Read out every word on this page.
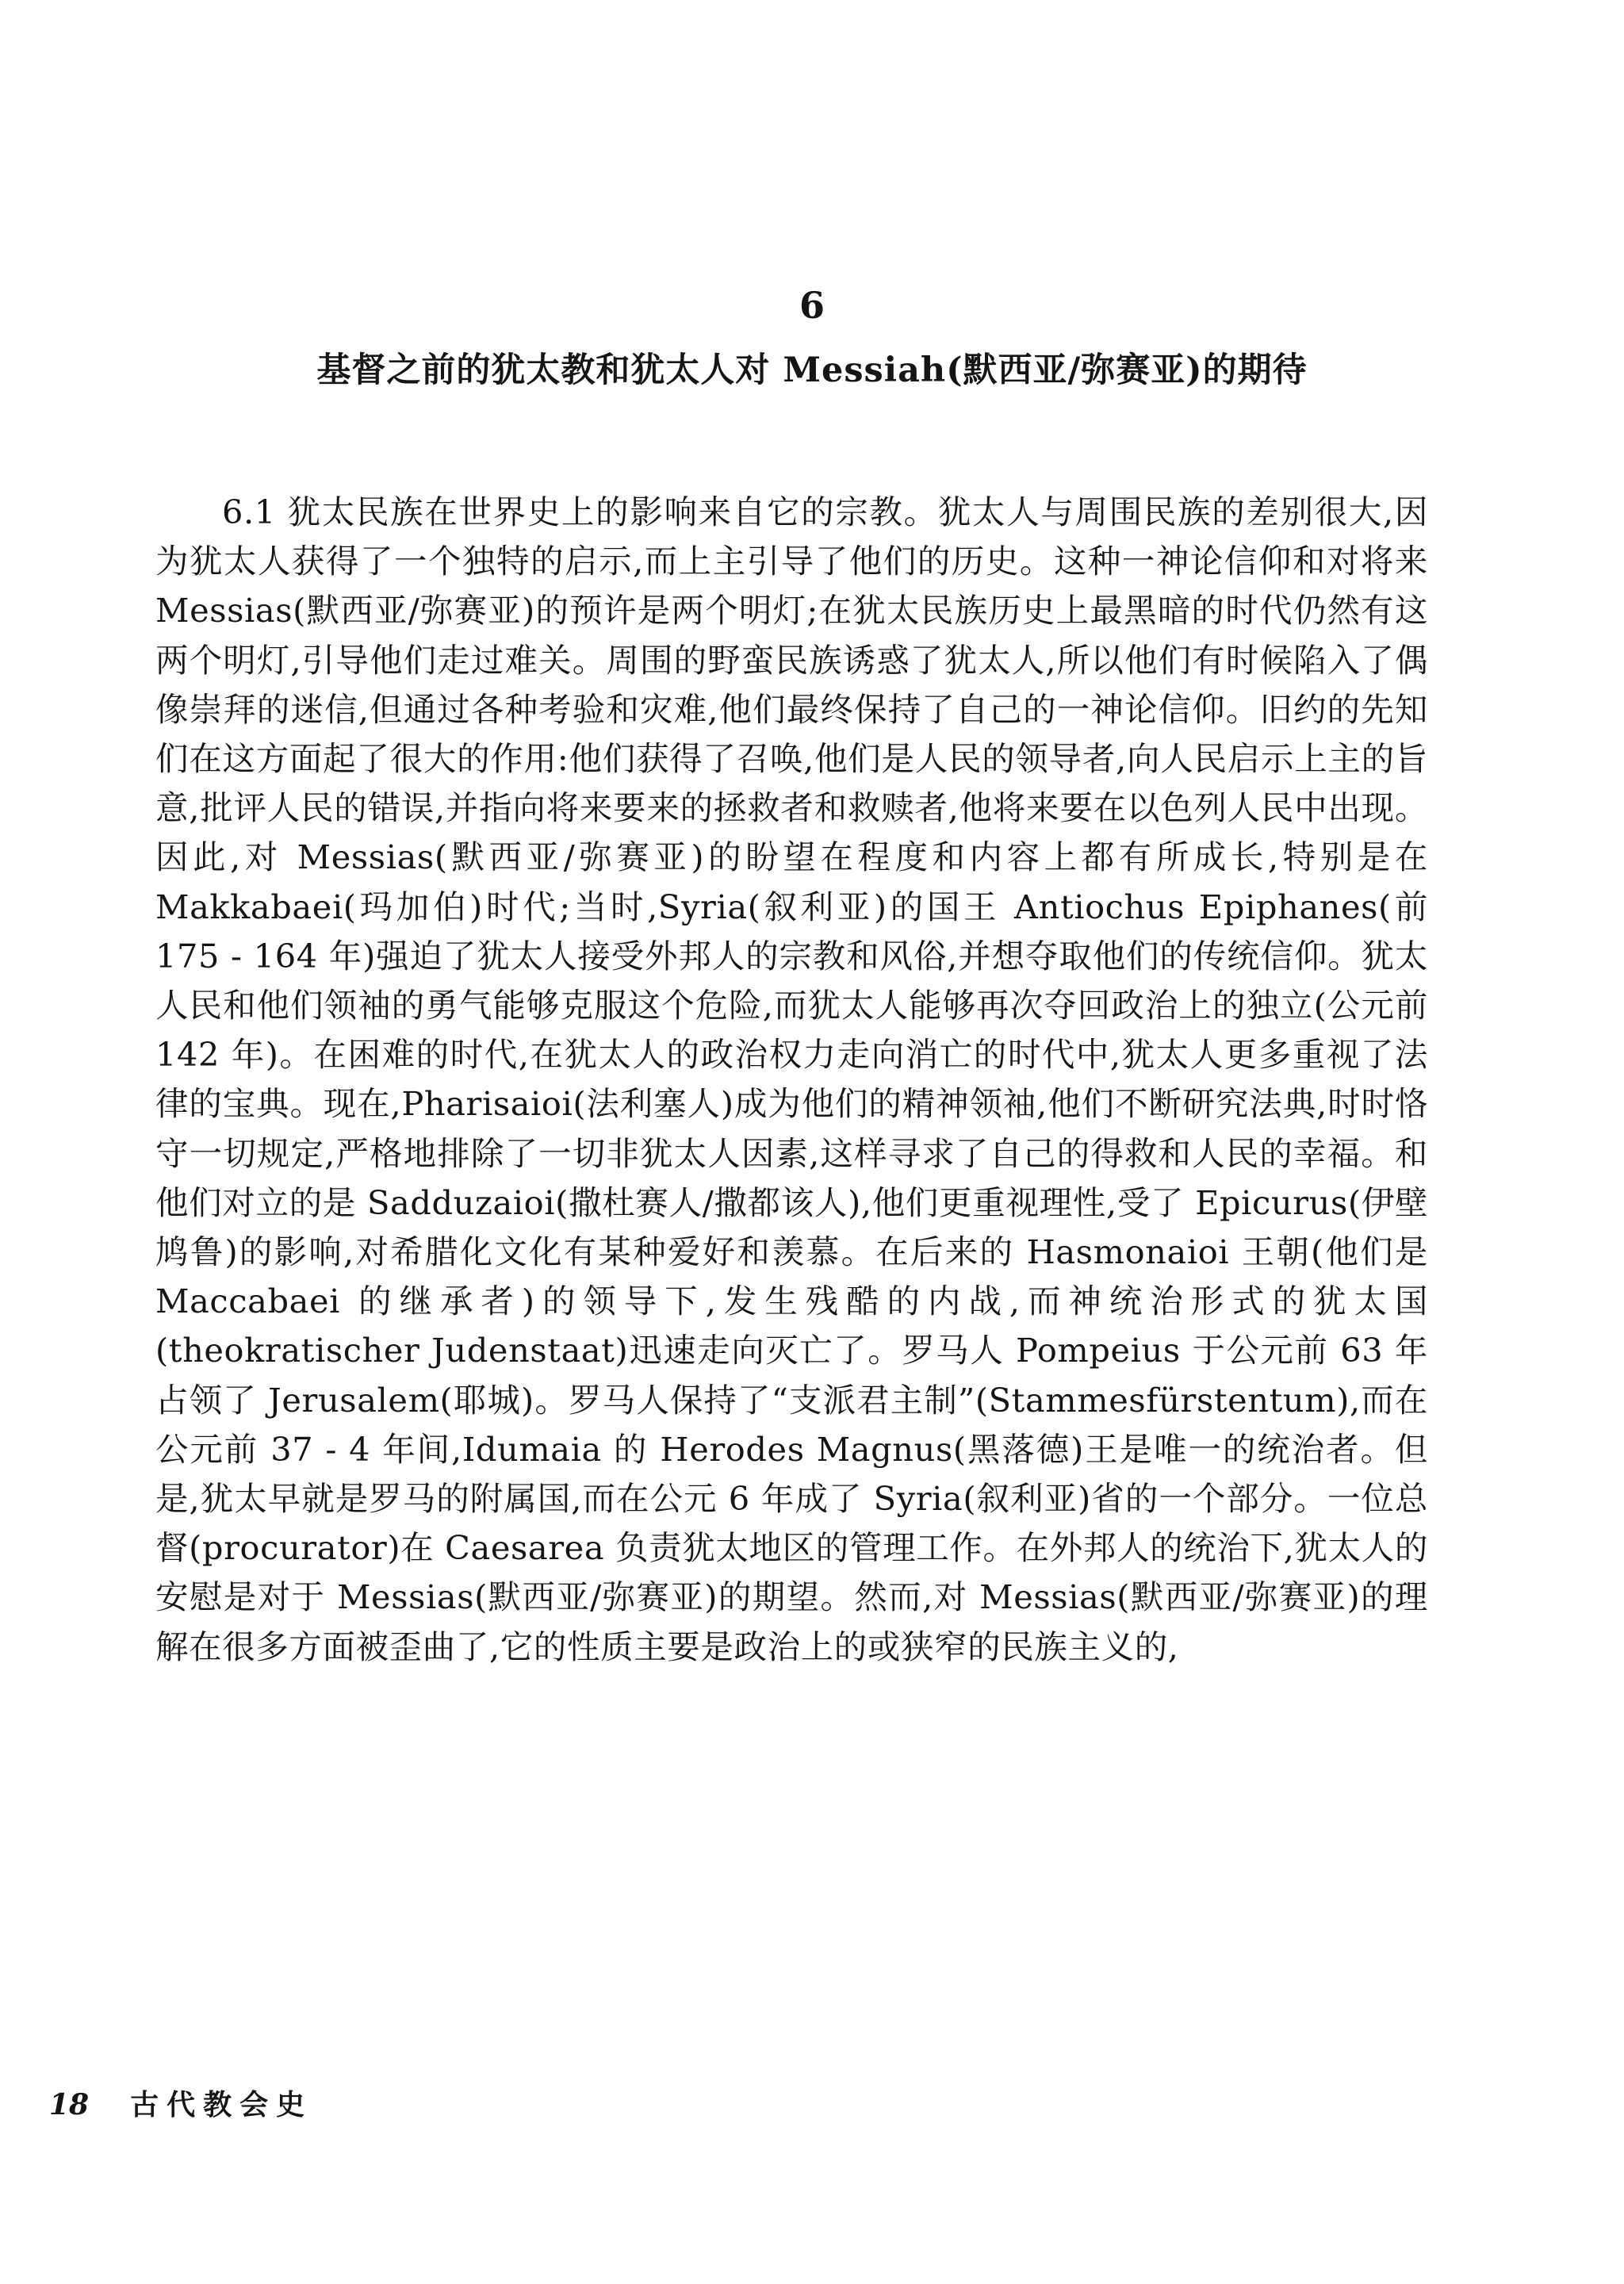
6
基督之前的犹太教和犹太人对 Messiah(默西亚/弥赛亚)的期待

6.1 犹太民族在世界史上的影响来自它的宗教。犹太人与周围民族的差别很大,因为犹太人获得了一个独特的启示,而上主引导了他们的历史。这种一神论信仰和对将来 Messias(默西亚/弥赛亚)的预许是两个明灯;在犹太民族历史上最黑暗的时代仍然有这两个明灯,引导他们走过难关。周围的野蛮民族诱惑了犹太人,所以他们有时候陷入了偶像崇拜的迷信,但通过各种考验和灾难,他们最终保持了自己的一神论信仰。旧约的先知们在这方面起了很大的作用:他们获得了召唤,他们是人民的领导者,向人民启示上主的旨意,批评人民的错误,并指向将来要来的拯救者和救赎者,他将来要在以色列人民中出现。因此,对 Messias(默西亚/弥赛亚)的盼望在程度和内容上都有所成长,特别是在 Makkabaei(玛加伯)时代;当时,Syria(叙利亚)的国王 Antiochus Epiphanes(前 175 - 164 年)强迫了犹太人接受外邦人的宗教和风俗,并想夺取他们的传统信仰。犹太人民和他们领袖的勇气能够克服这个危险,而犹太人能够再次夺回政治上的独立(公元前 142 年)。在困难的时代,在犹太人的政治权力走向消亡的时代中,犹太人更多重视了法律的宝典。现在,Pharisaioi(法利塞人)成为他们的精神领袖,他们不断研究法典,时时恪守一切规定,严格地排除了一切非犹太人因素,这样寻求了自己的得救和人民的幸福。和他们对立的是 Sadduzaioi(撒杜赛人/撒都该人),他们更重视理性,受了 Epicurus(伊壁鸠鲁)的影响,对希腊化文化有某种爱好和羡慕。在后来的 Hasmonaioi 王朝(他们是 Maccabaei 的继承者)的领导下,发生残酷的内战,而神统治形式的犹太国(theokratischer Judenstaat)迅速走向灭亡了。罗马人 Pompeius 于公元前 63 年占领了 Jerusalem(耶城)。罗马人保持了“支派君主制”(Stammesfürstentum),而在公元前 37 - 4 年间,Idumaia 的 Herodes Magnus(黑落德)王是唯一的统治者。但是,犹太早就是罗马的附属国,而在公元 6 年成了 Syria(叙利亚)省的一个部分。一位总督(procurator)在 Caesarea 负责犹太地区的管理工作。在外邦人的统治下,犹太人的安慰是对于 Messias(默西亚/弥赛亚)的期望。然而,对 Messias(默西亚/弥赛亚)的理解在很多方面被歪曲了,它的性质主要是政治上的或狭窄的民族主义的,

18 古代教会史
